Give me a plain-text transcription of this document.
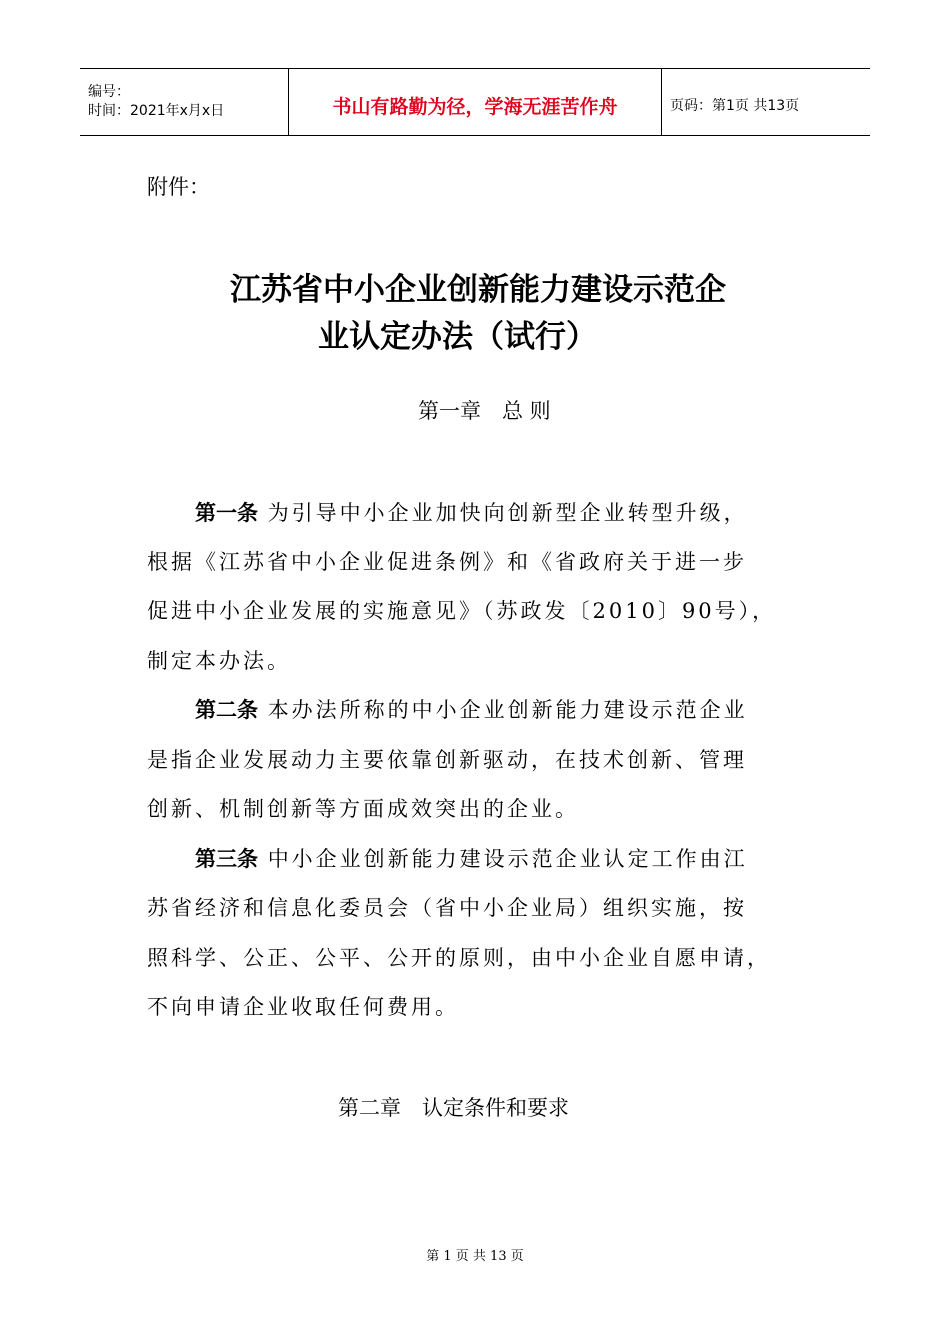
编号：
时间：2021年x月x日	书山有路勤为径，学海无涯苦作舟	页码：第1页 共13页
附件：
江苏省中小企业创新能力建设示范企
业认定办法（试行）
第一章　总 则
第一条 为引导中小企业加快向创新型企业转型升级，
根据《江苏省中小企业促进条例》和《省政府关于进一步
促进中小企业发展的实施意见》（苏政发〔2010〕90号），
制定本办法。
第二条 本办法所称的中小企业创新能力建设示范企业
是指企业发展动力主要依靠创新驱动，在技术创新、管理
创新、机制创新等方面成效突出的企业。
第三条 中小企业创新能力建设示范企业认定工作由江
苏省经济和信息化委员会（省中小企业局）组织实施，按
照科学、公正、公平、公开的原则，由中小企业自愿申请，
不向申请企业收取任何费用。
第二章　认定条件和要求
第 1 页 共 13 页
